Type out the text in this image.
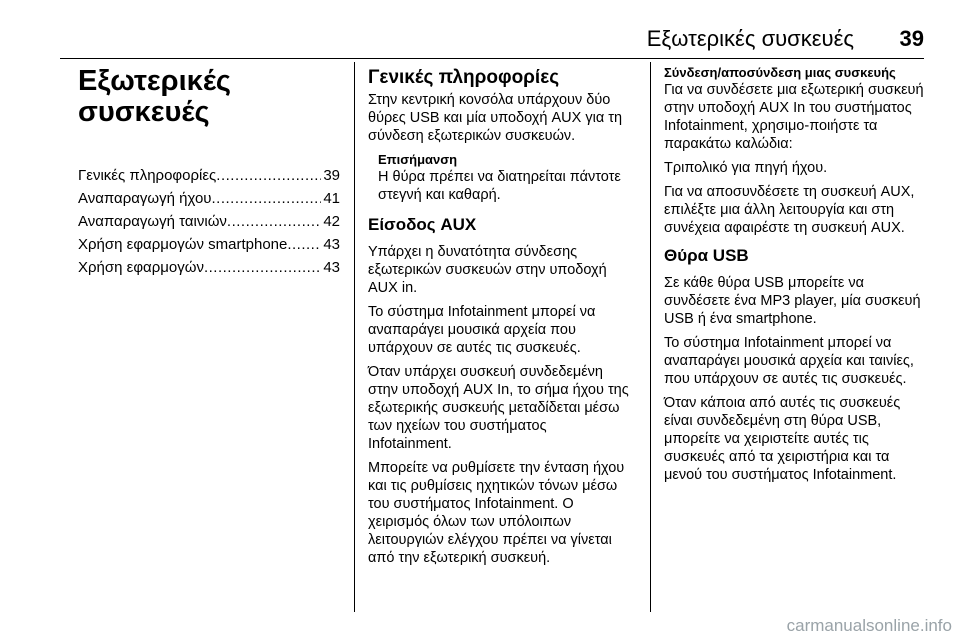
Εξωτερικές συσκευές 39
Εξωτερικές
συσκευές
Γενικές πληροφορίες .....	39
Αναπαραγωγή ήχου .....	41
Αναπαραγωγή ταινιών .....	42
Χρήση εφαρμογών smartphone ..... 43
Χρήση εφαρμογών .....	43
Γενικές πληροφορίες
Στην κεντρική κονσόλα υπάρχουν δύο θύρες USB και μία υποδοχή AUX για τη σύνδεση εξωτερικών συσκευών.
Επισήμανση
Η θύρα πρέπει να διατηρείται πάντοτε στεγνή και καθαρή.
Είσοδος AUX
Υπάρχει η δυνατότητα σύνδεσης εξωτερικών συσκευών στην υποδοχή AUX in.
Το σύστημα Infotainment μπορεί να αναπαράγει μουσικά αρχεία που υπάρχουν σε αυτές τις συσκευές.
Όταν υπάρχει συσκευή συνδεδεμένη στην υποδοχή AUX In, το σήμα ήχου της εξωτερικής συσκευής μεταδίδεται μέσω των ηχείων του συστήματος Infotainment.
Μπορείτε να ρυθμίσετε την ένταση ήχου και τις ρυθμίσεις ηχητικών τόνων μέσω του συστήματος Infotainment. Ο χειρισμός όλων των υπόλοιπων λειτουργιών ελέγχου πρέπει να γίνεται από την εξωτερική συσκευή.
Σύνδεση/αποσύνδεση μιας συσκευής
Για να συνδέσετε μια εξωτερική συσκευή στην υποδοχή AUX In του συστήματος Infotainment, χρησιμο-ποιήστε τα παρακάτω καλώδια:
Τριπολικό για πηγή ήχου.
Για να αποσυνδέσετε τη συσκευή AUX, επιλέξτε μια άλλη λειτουργία και στη συνέχεια αφαιρέστε τη συσκευή AUX.
Θύρα USB
Σε κάθε θύρα USB μπορείτε να συνδέσετε ένα MP3 player, μία συσκευή USB ή ένα smartphone.
Το σύστημα Infotainment μπορεί να αναπαράγει μουσικά αρχεία και ταινίες, που υπάρχουν σε αυτές τις συσκευές.
Όταν κάποια από αυτές τις συσκευές είναι συνδεδεμένη στη θύρα USB, μπορείτε να χειριστείτε αυτές τις συσκευές από τα χειριστήρια και τα μενού του συστήματος Infotainment.
carmanualsonline.info
